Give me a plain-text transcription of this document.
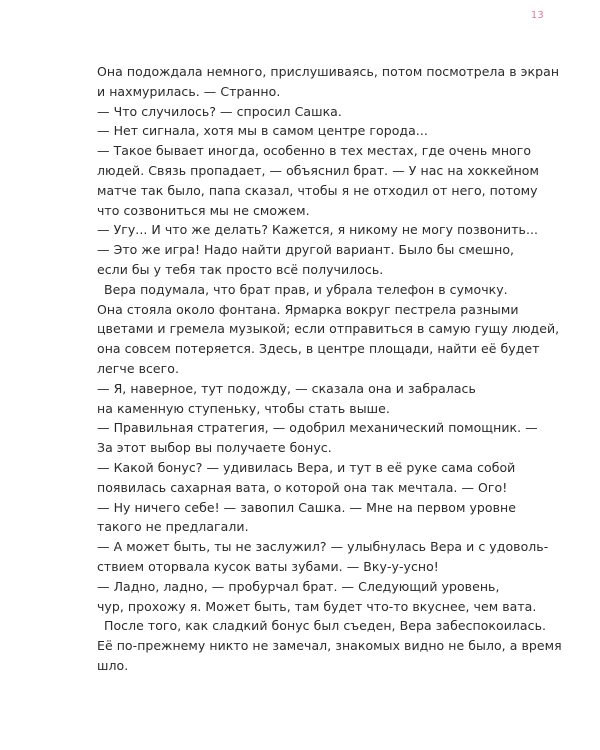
13
Она подождала немного, прислушиваясь, потом посмотрела в экран
и нахмурилась. — Странно.
— Что случилось? — спросил Сашка.
— Нет сигнала, хотя мы в самом центре города...
— Такое бывает иногда, особенно в тех местах, где очень много
людей. Связь пропадает, — объяснил брат. — У нас на хоккейном
матче так было, папа сказал, чтобы я не отходил от него, потому
что созвониться мы не сможем.
— Угу... И что же делать? Кажется, я никому не могу позвонить...
— Это же игра! Надо найти другой вариант. Было бы смешно,
если бы у тебя так просто всё получилось.
Вера подумала, что брат прав, и убрала телефон в сумочку.
Она стояла около фонтана. Ярмарка вокруг пестрела разными
цветами и гремела музыкой; если отправиться в самую гущу людей,
она совсем потеряется. Здесь, в центре площади, найти её будет
легче всего.
— Я, наверное, тут подожду, — сказала она и забралась
на каменную ступеньку, чтобы стать выше.
— Правильная стратегия, — одобрил механический помощник. —
За этот выбор вы получаете бонус.
— Какой бонус? — удивилась Вера, и тут в её руке сама собой
появилась сахарная вата, о которой она так мечтала. — Ого!
— Ну ничего себе! — завопил Сашка. — Мне на первом уровне
такого не предлагали.
— А может быть, ты не заслужил? — улыбнулась Вера и с удоволь-
ствием оторвала кусок ваты зубами. — Вку-у-усно!
— Ладно, ладно, — пробурчал брат. — Следующий уровень,
чур, прохожу я. Может быть, там будет что-то вкуснее, чем вата.
После того, как сладкий бонус был съеден, Вера забеспокоилась.
Её по-прежнему никто не замечал, знакомых видно не было, а время
шло.
